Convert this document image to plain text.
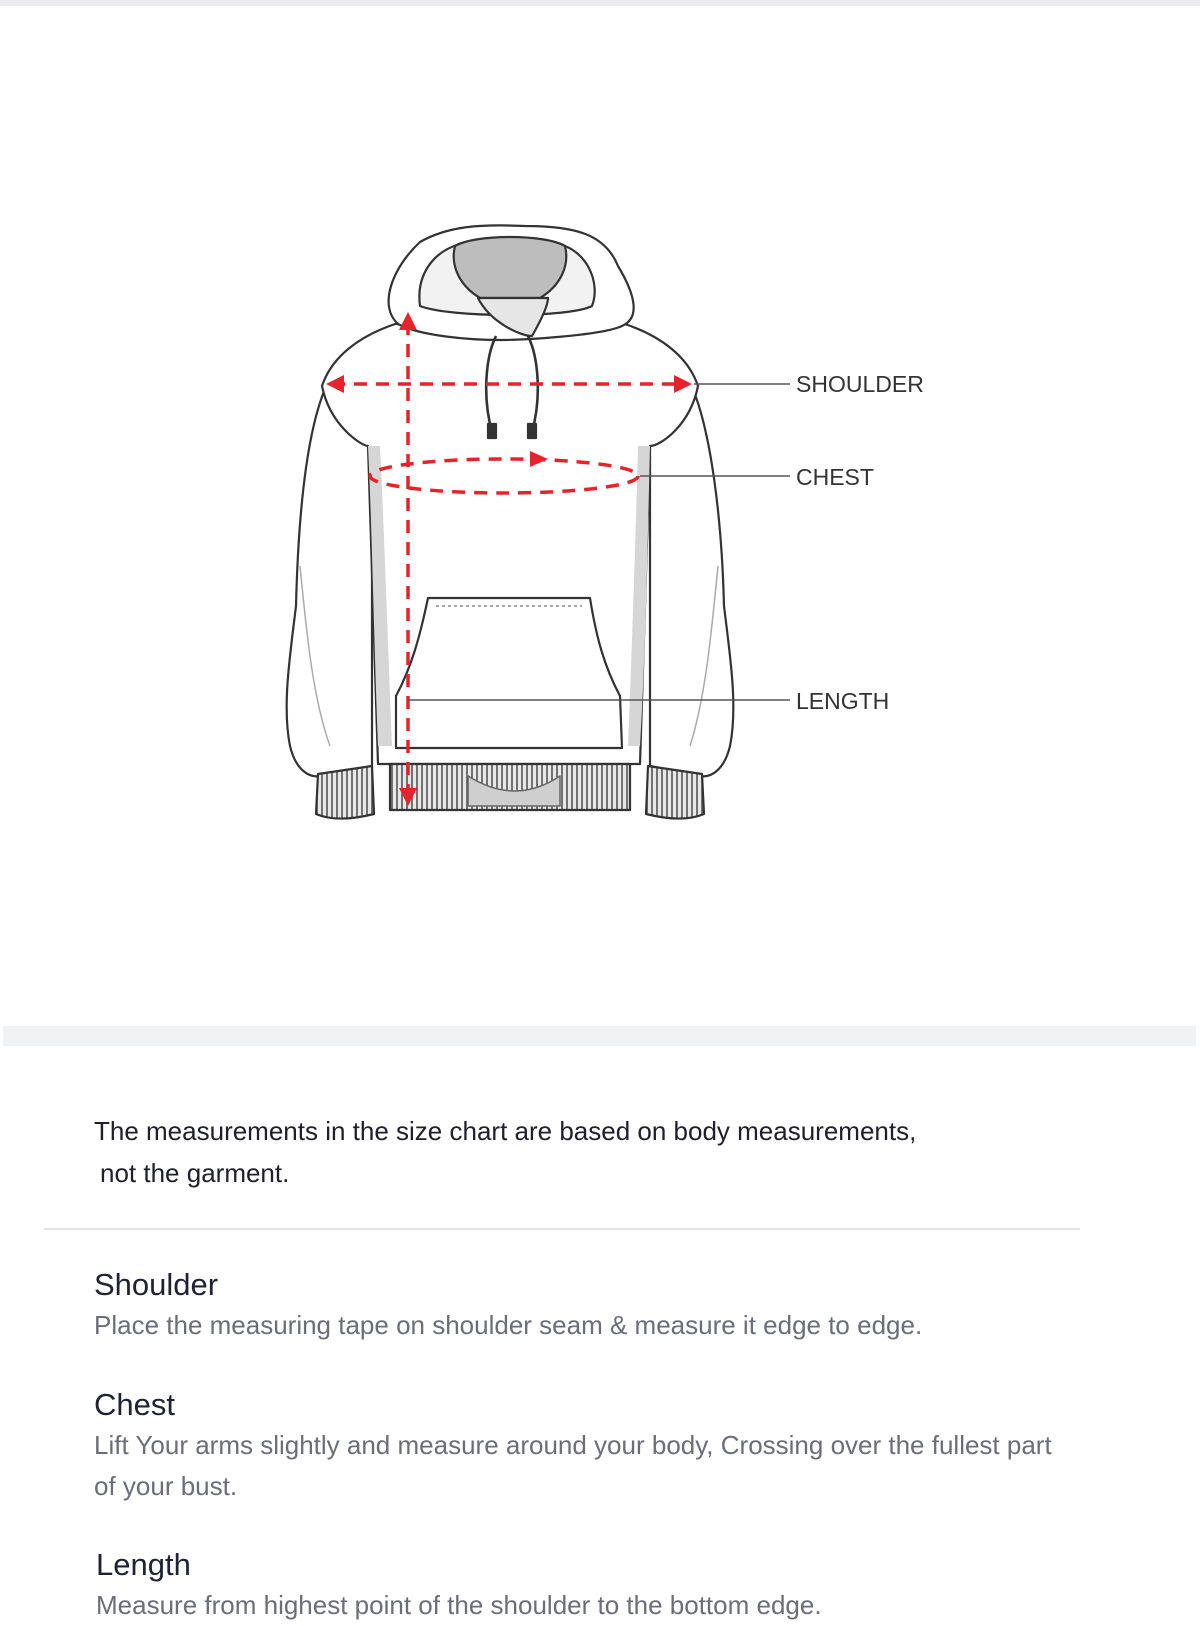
SHOULDER
CHEST
LENGTH
The measurements in the size chart are based on body measurements,
not the garment.
Shoulder

Place the measuring tape on shoulder seam & measure it edge to edge.

Chest

Lift Your arms slightly and measure around your body, Crossing over the fullest part of your bust.

Length

Measure from highest point of the shoulder to the bottom edge.
